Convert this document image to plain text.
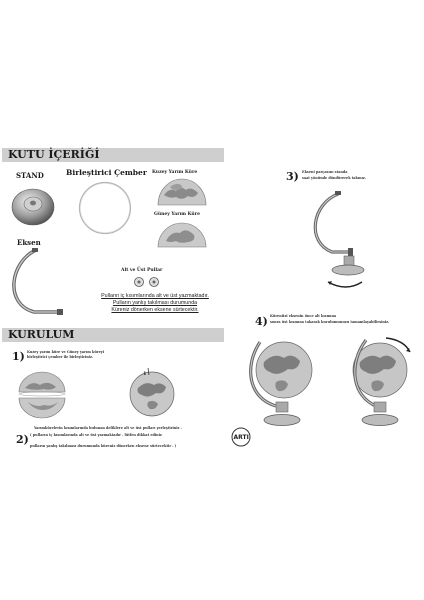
KUTU İÇERİĞİ
KURULUM
STAND	Birleştirici Çember Kuzey Yarım Küre
Güney Yarım Küre
Eksen
Alt ve Üst Pullar
Pulların iç kısımlarında alt ve üst yazmaktadır.
Pulların yanlış takılması durumunda
Küreniz dönerken eksene sürtecektir.
1) Kuzey yarım küre ve Güney yarım küreyi
birleştirici çember ile birleştiriniz.
1
2)
Yarımkürelerin kısımlarında bulunan deliklere alt ve üst pulları yerleştiriniz .
( pulların iç kısımlarında alt ve üst yazmaktadır . lütfen dikkat ediniz
pulların yanlış takılması durumunda küreniz dönerken eksene sürtecektir . )
3) Ekseni parçasını standa
saat yönünde döndürerek takınız.
4) Küreniizi eksenin önce alt kısmına
sonra üst kısmına takarak kurulumunuzu tamamlayabilirsiniz.
ARTI
